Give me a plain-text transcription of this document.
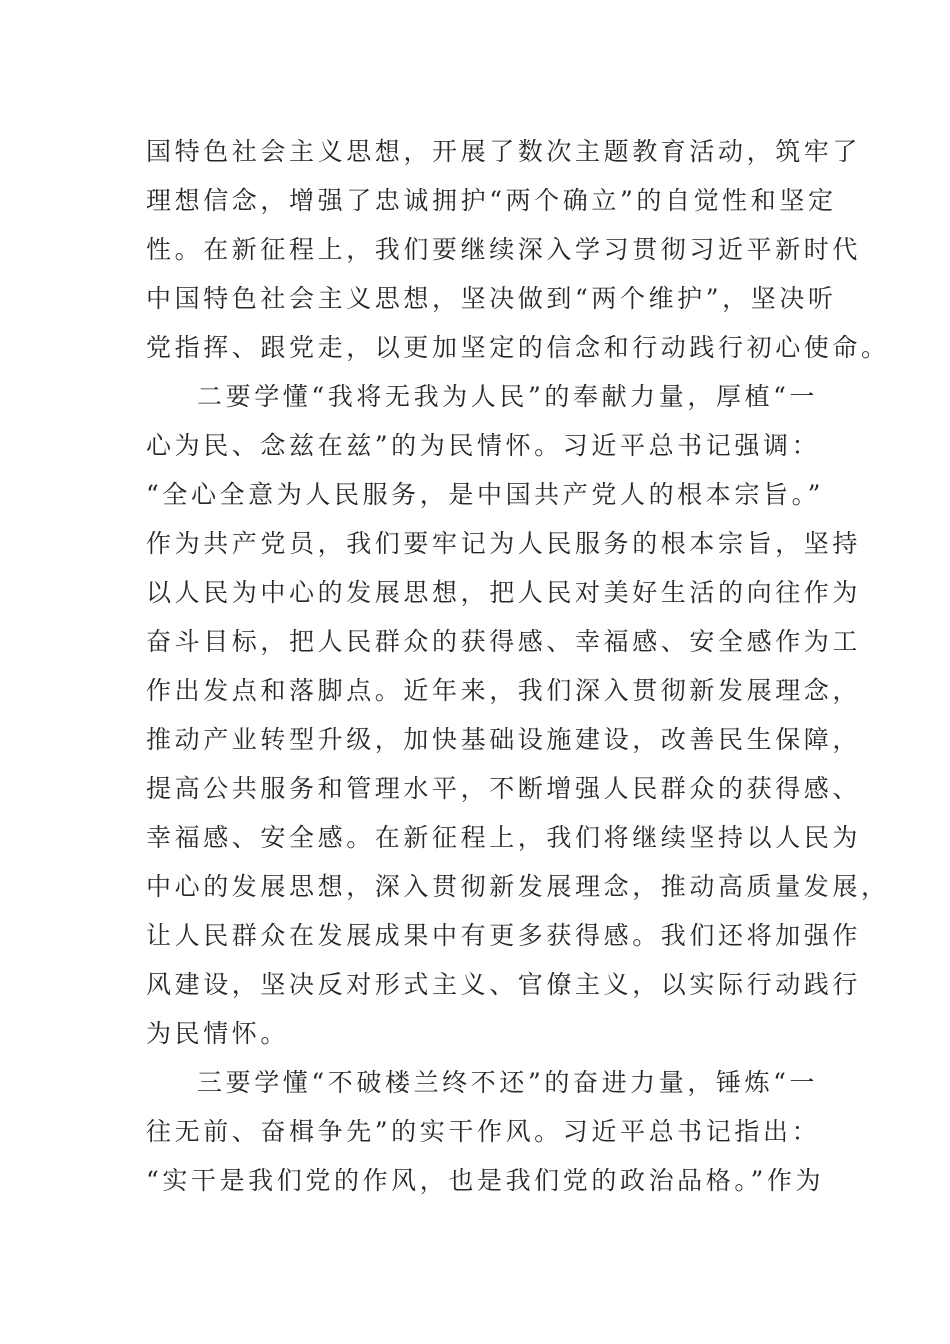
国特色社会主义思想，开展了数次主题教育活动，筑牢了
理想信念，增强了忠诚拥护“两个确立”的自觉性和坚定
性。在新征程上，我们要继续深入学习贯彻习近平新时代
中国特色社会主义思想，坚决做到“两个维护”，坚决听
党指挥、跟党走，以更加坚定的信念和行动践行初心使命。
二要学懂“我将无我为人民”的奉献力量，厚植“一
心为民、念兹在兹”的为民情怀。习近平总书记强调：
“全心全意为人民服务，是中国共产党人的根本宗旨。”
作为共产党员，我们要牢记为人民服务的根本宗旨，坚持
以人民为中心的发展思想，把人民对美好生活的向往作为
奋斗目标，把人民群众的获得感、幸福感、安全感作为工
作出发点和落脚点。近年来，我们深入贯彻新发展理念，
推动产业转型升级，加快基础设施建设，改善民生保障，
提高公共服务和管理水平，不断增强人民群众的获得感、
幸福感、安全感。在新征程上，我们将继续坚持以人民为
中心的发展思想，深入贯彻新发展理念，推动高质量发展，
让人民群众在发展成果中有更多获得感。我们还将加强作
风建设，坚决反对形式主义、官僚主义，以实际行动践行
为民情怀。
三要学懂“不破楼兰终不还”的奋进力量，锤炼“一
往无前、奋楫争先”的实干作风。习近平总书记指出：
“实干是我们党的作风，也是我们党的政治品格。”作为
